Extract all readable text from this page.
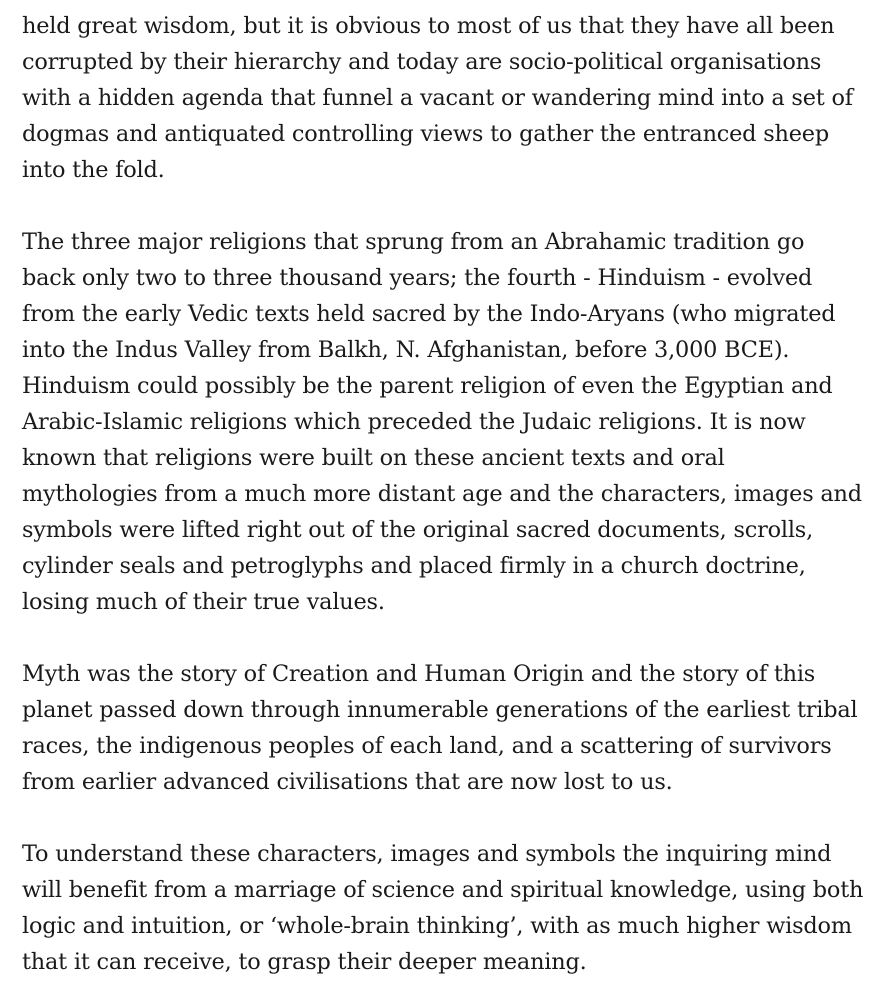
held great wisdom, but it is obvious to most of us that they have all been
corrupted by their hierarchy and today are socio-political organisations
with a hidden agenda that funnel a vacant or wandering mind into a set of
dogmas and antiquated controlling views to gather the entranced sheep
into the fold.

The three major religions that sprung from an Abrahamic tradition go
back only two to three thousand years; the fourth - Hinduism - evolved
from the early Vedic texts held sacred by the Indo-Aryans (who migrated
into the Indus Valley from Balkh, N. Afghanistan, before 3,000 BCE).
Hinduism could possibly be the parent religion of even the Egyptian and
Arabic-Islamic religions which preceded the Judaic religions. It is now
known that religions were built on these ancient texts and oral
mythologies from a much more distant age and the characters, images and
symbols were lifted right out of the original sacred documents, scrolls,
cylinder seals and petroglyphs and placed firmly in a church doctrine,
losing much of their true values.

Myth was the story of Creation and Human Origin and the story of this
planet passed down through innumerable generations of the earliest tribal
races, the indigenous peoples of each land, and a scattering of survivors
from earlier advanced civilisations that are now lost to us.

To understand these characters, images and symbols the inquiring mind
will benefit from a marriage of science and spiritual knowledge, using both
logic and intuition, or ‘whole-brain thinking’, with as much higher wisdom
that it can receive, to grasp their deeper meaning.
